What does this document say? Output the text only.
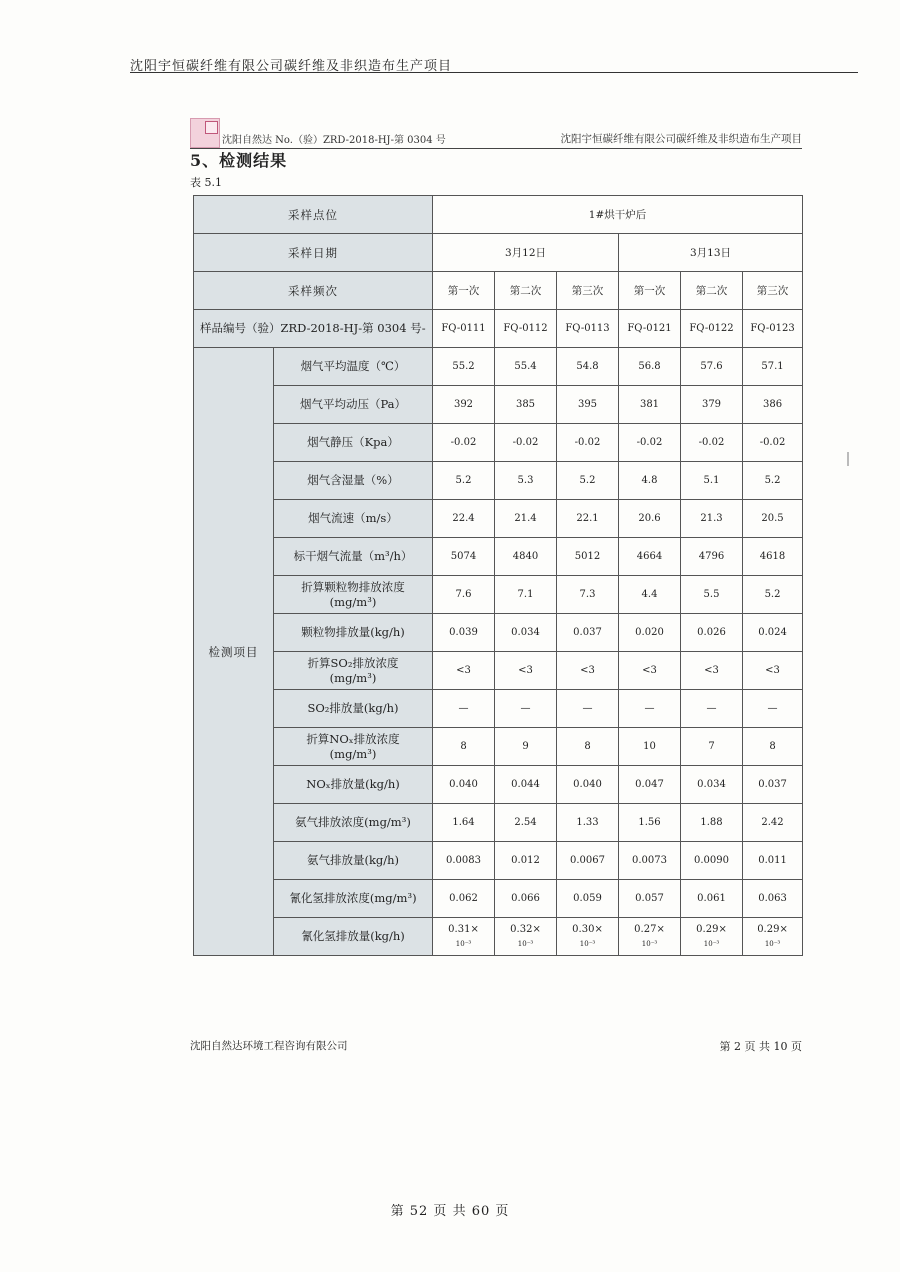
沈阳宇恒碳纤维有限公司碳纤维及非织造布生产项目
沈阳自然达 No.（验）ZRD-2018-HJ-第 0304 号	沈阳宇恒碳纤维有限公司碳纤维及非织造布生产项目
5、检测结果
表 5.1
采样点位		1#烘干炉后					
采样日期		3月12日			3月13日		
采样频次		第一次	第二次	第三次	第一次	第二次	第三次
样品编号（验）ZRD-2018-HJ-第 0304 号-		FQ-0111	FQ-0112	FQ-0113	FQ-0121	FQ-0122	FQ-0123
检测项目	烟气平均温度（℃）	55.2	55.4	54.8	56.8	57.6	57.1
	烟气平均动压（Pa）	392	385	395	381	379	386
	烟气静压（Kpa）	-0.02	-0.02	-0.02	-0.02	-0.02	-0.02
	烟气含湿量（%）	5.2	5.3	5.2	4.8	5.1	5.2
	烟气流速（m/s）	22.4	21.4	22.1	20.6	21.3	20.5
	标干烟气流量（m³/h）	5074	4840	5012	4664	4796	4618
	折算颗粒物排放浓度
(mg/m³)	7.6	7.1	7.3	4.4	5.5	5.2
	颗粒物排放量(kg/h)	0.039	0.034	0.037	0.020	0.026	0.024
	折算SO₂排放浓度
(mg/m³)	<3	<3	<3	<3	<3	<3
	SO₂排放量(kg/h)	—	—	—	—	—	—
	折算NOₓ排放浓度
(mg/m³)	8	9	8	10	7	8
	NOₓ排放量(kg/h)	0.040	0.044	0.040	0.047	0.034	0.037
	氨气排放浓度(mg/m³)	1.64	2.54	1.33	1.56	1.88	2.42
	氨气排放量(kg/h)	0.0083	0.012	0.0067	0.0073	0.0090	0.011
	氰化氢排放浓度(mg/m³)	0.062	0.066	0.059	0.057	0.061	0.063
	氰化氢排放量(kg/h)	0.31×
10⁻³	0.32×
10⁻³	0.30×
10⁻³	0.27×
10⁻³	0.29×
10⁻³	0.29×
10⁻³
沈阳自然达环境工程咨询有限公司	第 2 页 共 10 页
第 52 页 共 60 页
